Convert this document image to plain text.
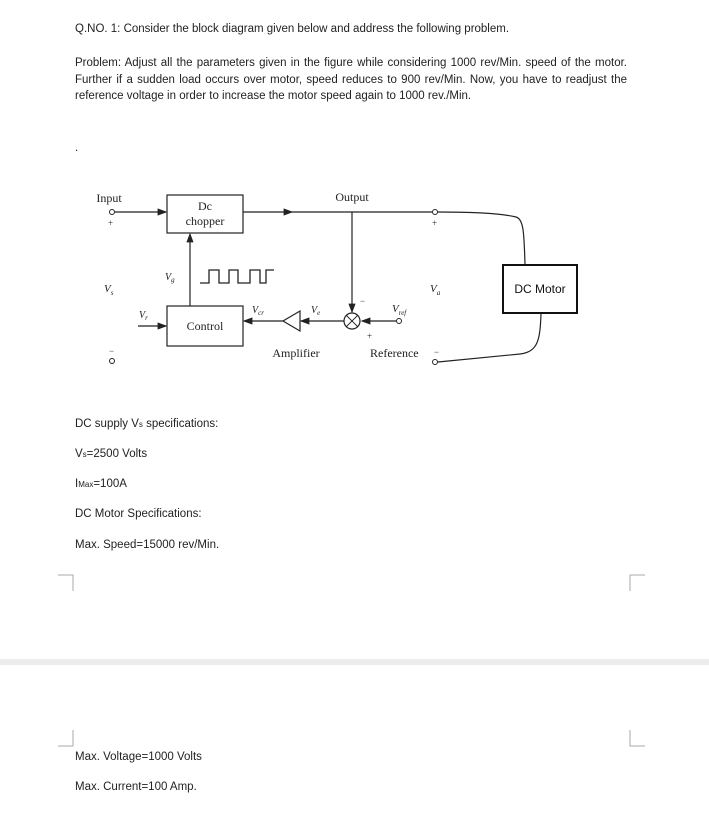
Q.NO. 1: Consider the block diagram given below and address the following problem.
Problem: Adjust all the parameters given in the figure while considering 1000 rev/Min. speed of the motor. Further if a sudden load occurs over motor, speed reduces to 900 rev/Min. Now, you have to readjust the reference voltage in order to increase the motor speed again to 1000 rev./Min.
.
Dc
chopper
Output
Input
−
+
$V_{ref}$
$V_e$
Amplifier
$V_{cr}$
Control
$V_r$
$V_g$
$V_s$
+
−
$V_a$
+
Reference −
DC Motor
DC supply Vs specifications:
Vs=2500 Volts
IMax=100A
DC Motor Specifications:
Max. Speed=15000 rev/Min.
Max. Voltage=1000 Volts
Max. Current=100 Amp.
